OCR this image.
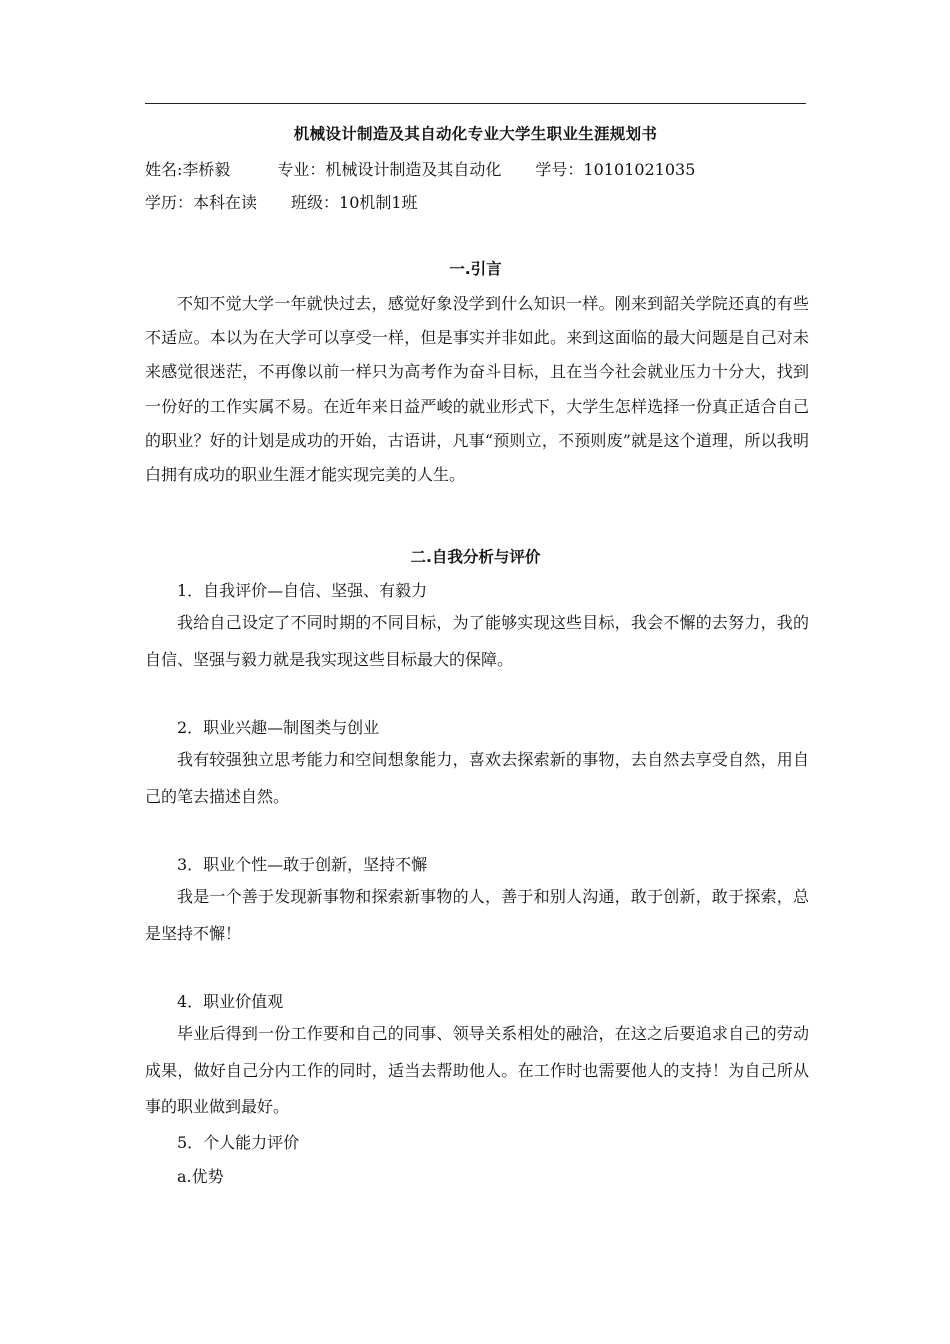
机械设计制造及其自动化专业大学生职业生涯规划书
姓名:李桥毅	专业：机械设计制造及其自动化 学号：10101021035
学历：本科在读 班级：10机制1班
一.引言

不知不觉大学一年就快过去，感觉好象没学到什么知识一样。刚来到韶关学院还真的有些不适应。本以为在大学可以享受一样，但是事实并非如此。来到这面临的最大问题是自己对未来感觉很迷茫，不再像以前一样只为高考作为奋斗目标，且在当今社会就业压力十分大，找到一份好的工作实属不易。在近年来日益严峻的就业形式下，大学生怎样选择一份真正适合自己的职业？好的计划是成功的开始，古语讲，凡事“预则立，不预则废”就是这个道理，所以我明白拥有成功的职业生涯才能实现完美的人生。

二.自我分析与评价
1．自我评价—自信、坚强、有毅力

我给自己设定了不同时期的不同目标，为了能够实现这些目标，我会不懈的去努力，我的自信、坚强与毅力就是我实现这些目标最大的保障。

2．职业兴趣—制图类与创业

我有较强独立思考能力和空间想象能力，喜欢去探索新的事物，去自然去享受自然，用自己的笔去描述自然。

3．职业个性—敢于创新，坚持不懈

我是一个善于发现新事物和探索新事物的人，善于和别人沟通，敢于创新，敢于探索，总是坚持不懈！

4．职业价值观

毕业后得到一份工作要和自己的同事、领导关系相处的融洽，在这之后要追求自己的劳动成果，做好自己分内工作的同时，适当去帮助他人。在工作时也需要他人的支持！为自己所从事的职业做到最好。

5．个人能力评价
a.优势
